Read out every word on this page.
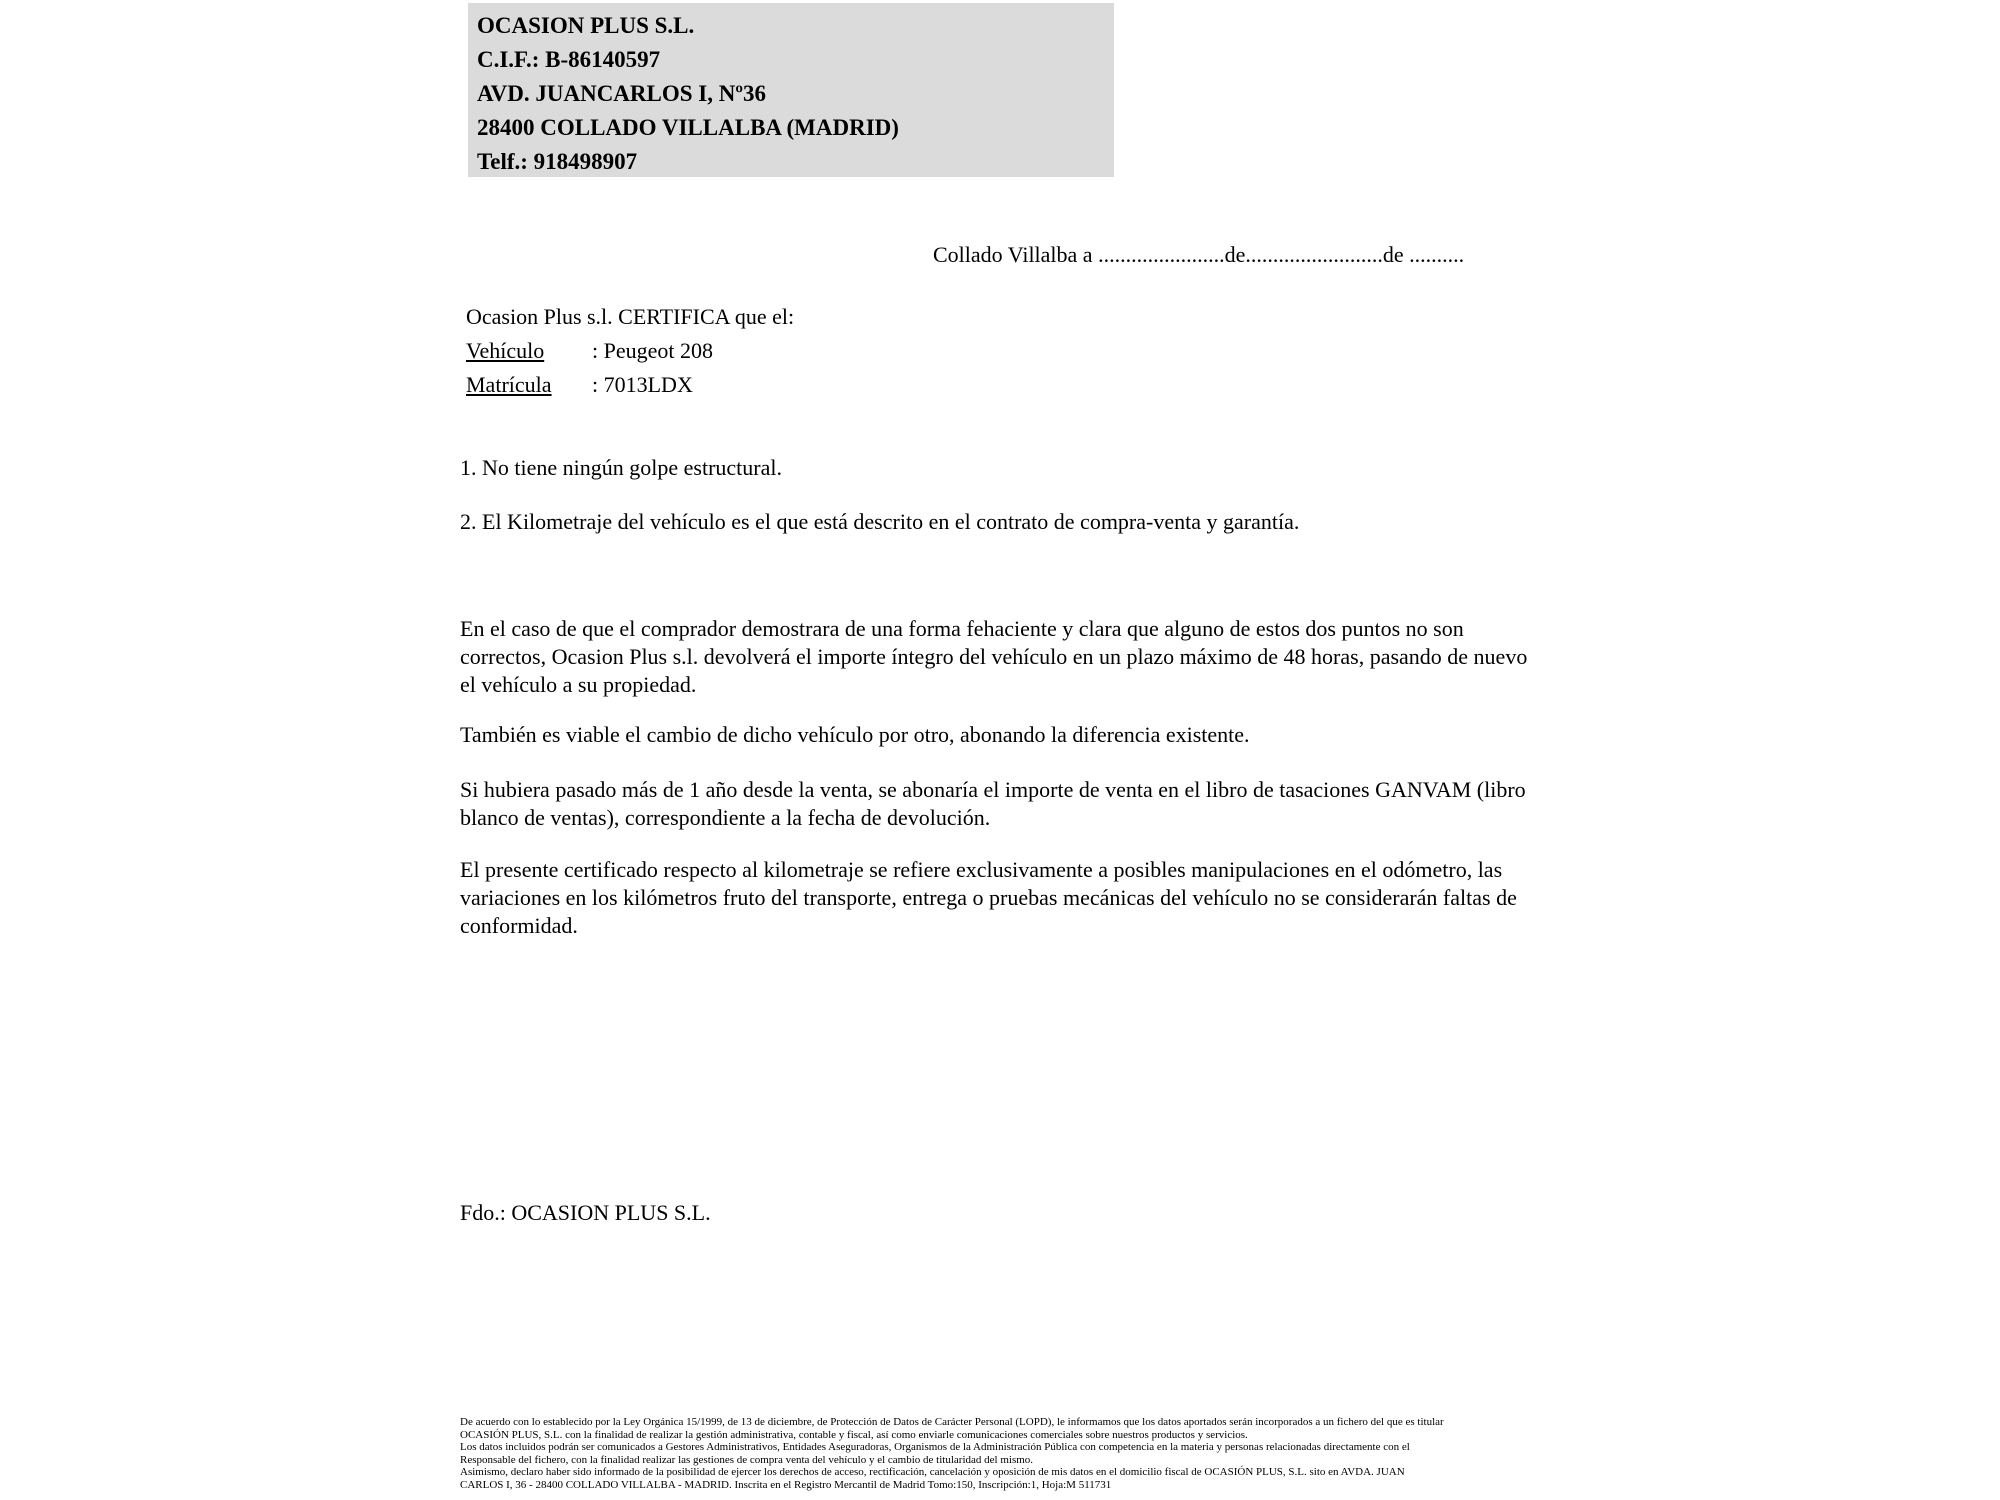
OCASION PLUS S.L.
C.I.F.: B-86140597
AVD. JUANCARLOS I, Nº36
28400 COLLADO VILLALBA (MADRID)
Telf.: 918498907
Collado Villalba a .......................de.........................de ..........
Ocasion Plus s.l. CERTIFICA que el:
Vehículo	: Peugeot 208
Matrícula	: 7013LDX
1. No tiene ningún golpe estructural.
2. El Kilometraje del vehículo es el que está descrito en el contrato de compra-venta y garantía.
En el caso de que el comprador demostrara de una forma fehaciente y clara que alguno de estos dos puntos no son correctos, Ocasion Plus s.l. devolverá el importe íntegro del vehículo en un plazo máximo de 48 horas, pasando de nuevo el vehículo a su propiedad.
También es viable el cambio de dicho vehículo por otro, abonando la diferencia existente.
Si hubiera pasado más de 1 año desde la venta, se abonaría el importe de venta en el libro de tasaciones GANVAM (libro blanco de ventas), correspondiente a la fecha de devolución.
El presente certificado respecto al kilometraje se refiere exclusivamente a posibles manipulaciones en el odómetro, las variaciones en los kilómetros fruto del transporte, entrega o pruebas mecánicas del vehículo no se considerarán faltas de conformidad.
Fdo.: OCASION PLUS S.L.
De acuerdo con lo establecido por la Ley Orgánica 15/1999, de 13 de diciembre, de Protección de Datos de Carácter Personal (LOPD), le informamos que los datos aportados serán incorporados a un fichero del que es titular
OCASIÓN PLUS, S.L. con la finalidad de realizar la gestión administrativa, contable y fiscal, así como enviarle comunicaciones comerciales sobre nuestros productos y servicios.
Los datos incluidos podrán ser comunicados a Gestores Administrativos, Entidades Aseguradoras, Organismos de la Administración Pública con competencia en la materia y personas relacionadas directamente con el
Responsable del fichero, con la finalidad realizar las gestiones de compra venta del vehículo y el cambio de titularidad del mismo.
Asimismo, declaro haber sido informado de la posibilidad de ejercer los derechos de acceso, rectificación, cancelación y oposición de mis datos en el domicilio fiscal de OCASIÓN PLUS, S.L. sito en AVDA. JUAN
CARLOS I, 36 - 28400 COLLADO VILLALBA - MADRID. Inscrita en el Registro Mercantil de Madrid Tomo:150, Inscripción:1, Hoja:M 511731
